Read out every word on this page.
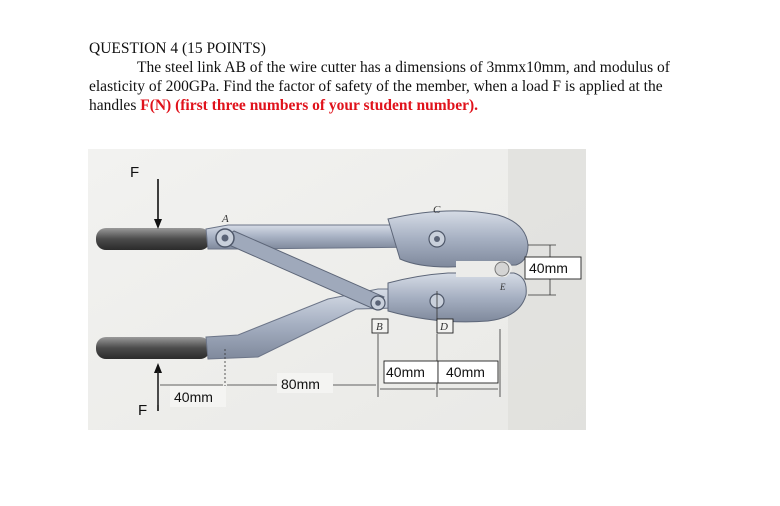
QUESTION 4 (15 POINTS)
The steel link AB of the wire cutter has a dimensions of 3mmx10mm, and modulus of
elasticity of 200GPa. Find the factor of safety of the member, when a load F is applied at the
handles F(N) (first three numbers of your student number).
F
F
A
C
E
B	D
40mm
80mm
40mm 40mm
40mm
